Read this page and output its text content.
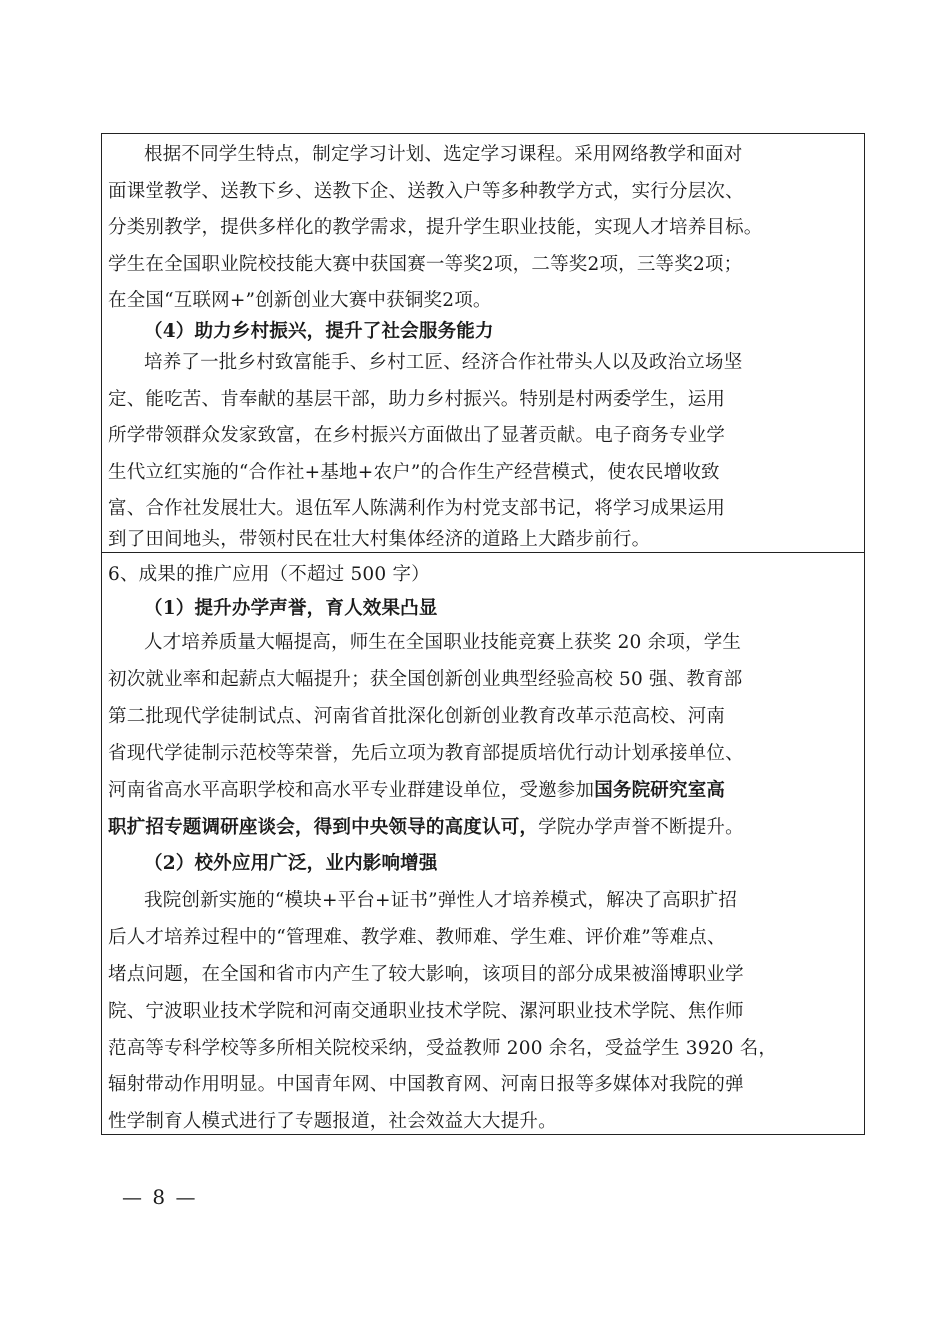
根据不同学生特点，制定学习计划、选定学习课程。采用网络教学和面对
面课堂教学、送教下乡、送教下企、送教入户等多种教学方式，实行分层次、
分类别教学，提供多样化的教学需求，提升学生职业技能，实现人才培养目标。
学生在全国职业院校技能大赛中获国赛一等奖2项，二等奖2项，三等奖2项；
在全国“互联网+”创新创业大赛中获铜奖2项。
（4）助力乡村振兴，提升了社会服务能力
培养了一批乡村致富能手、乡村工匠、经济合作社带头人以及政治立场坚
定、能吃苦、肯奉献的基层干部，助力乡村振兴。特别是村两委学生，运用
所学带领群众发家致富，在乡村振兴方面做出了显著贡献。电子商务专业学
生代立红实施的“合作社+基地+农户”的合作生产经营模式，使农民增收致
富、合作社发展壮大。退伍军人陈满利作为村党支部书记，将学习成果运用
到了田间地头，带领村民在壮大村集体经济的道路上大踏步前行。
6、成果的推广应用（不超过 500 字）
（1）提升办学声誉，育人效果凸显
人才培养质量大幅提高，师生在全国职业技能竞赛上获奖 20 余项，学生
初次就业率和起薪点大幅提升；获全国创新创业典型经验高校 50 强、教育部
第二批现代学徒制试点、河南省首批深化创新创业教育改革示范高校、河南
省现代学徒制示范校等荣誉，先后立项为教育部提质培优行动计划承接单位、
河南省高水平高职学校和高水平专业群建设单位，受邀参加国务院研究室高
职扩招专题调研座谈会，得到中央领导的高度认可，学院办学声誉不断提升。
（2）校外应用广泛，业内影响增强
我院创新实施的“模块+平台+证书”弹性人才培养模式，解决了高职扩招
后人才培养过程中的“管理难、教学难、教师难、学生难、评价难”等难点、
堵点问题，在全国和省市内产生了较大影响，该项目的部分成果被淄博职业学
院、宁波职业技术学院和河南交通职业技术学院、漯河职业技术学院、焦作师
范高等专科学校等多所相关院校采纳，受益教师 200 余名，受益学生 3920 名，
辐射带动作用明显。中国青年网、中国教育网、河南日报等多媒体对我院的弹
性学制育人模式进行了专题报道，社会效益大大提升。
— 8 —
